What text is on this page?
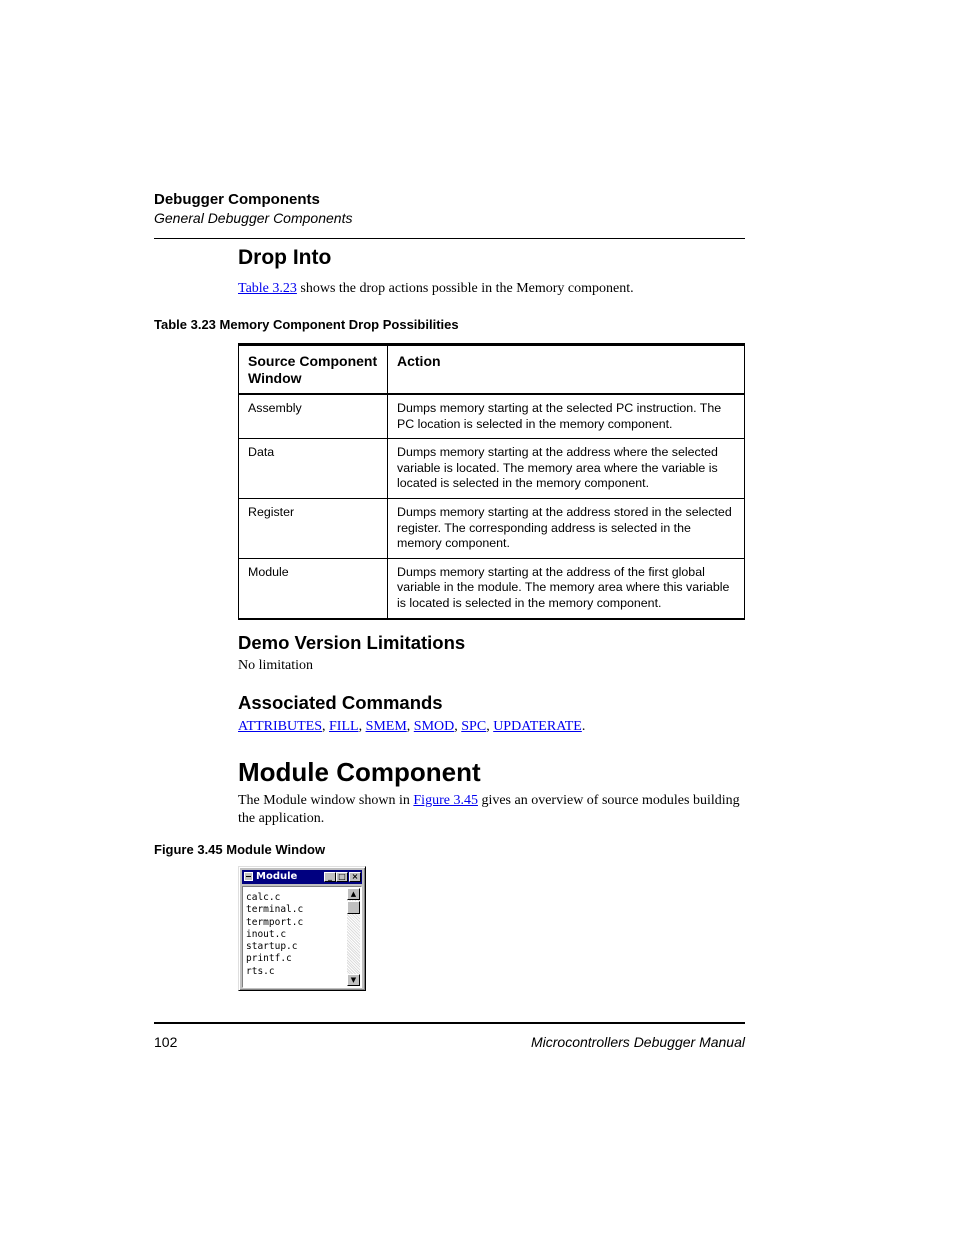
Debugger Components
General Debugger Components
Drop Into
Table 3.23 shows the drop actions possible in the Memory component.
Table 3.23 Memory Component Drop Possibilities
Source Component Window	Action
Assembly	Dumps memory starting at the selected PC instruction. The PC location is selected in the memory component.
Data	Dumps memory starting at the address where the selected variable is located. The memory area where the variable is located is selected in the memory component.
Register	Dumps memory starting at the address stored in the selected register. The corresponding address is selected in the memory component.
Module	Dumps memory starting at the address of the first global variable in the module. The memory area where this variable is located is selected in the memory component.
Demo Version Limitations
No limitation
Associated Commands
ATTRIBUTES, FILL, SMEM, SMOD, SPC, UPDATERATE.
Module Component
The Module window shown in Figure 3.45 gives an overview of source modules building the application.
Figure 3.45 Module Window
Module	_ □ ×
calc.c
terminal.c
termport.c
inout.c
startup.c
printf.c
rts.c
▲
▼
102	Microcontrollers Debugger Manual
